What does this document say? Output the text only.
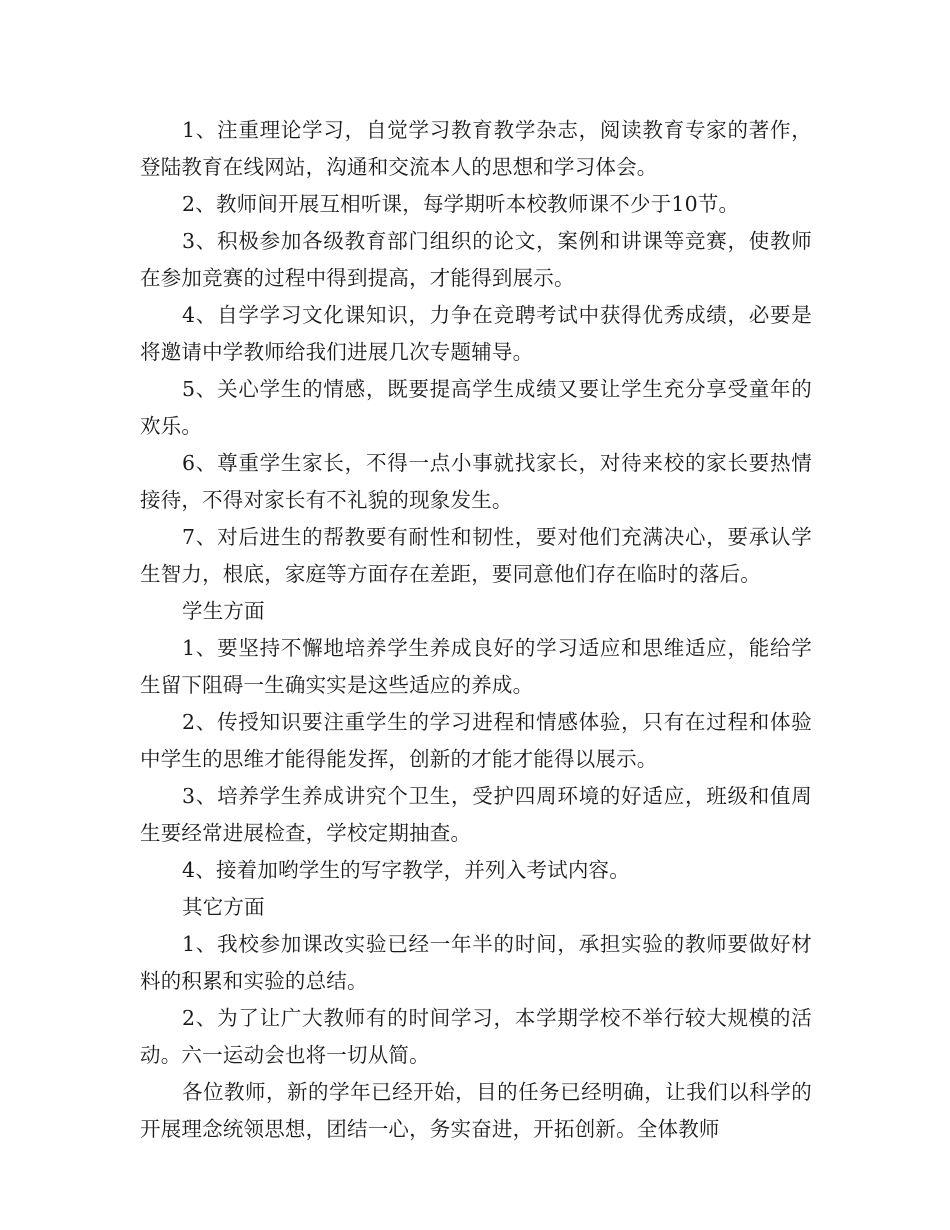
1、注重理论学习，自觉学习教育教学杂志，阅读教育专家的著作，登陆教育在线网站，沟通和交流本人的思想和学习体会。

2、教师间开展互相听课，每学期听本校教师课不少于10节。

3、积极参加各级教育部门组织的论文，案例和讲课等竞赛，使教师在参加竞赛的过程中得到提高，才能得到展示。

4、自学学习文化课知识，力争在竞聘考试中获得优秀成绩，必要是将邀请中学教师给我们进展几次专题辅导。

5、关心学生的情感，既要提高学生成绩又要让学生充分享受童年的欢乐。

6、尊重学生家长，不得一点小事就找家长，对待来校的家长要热情接待，不得对家长有不礼貌的现象发生。

7、对后进生的帮教要有耐性和韧性，要对他们充满决心，要承认学生智力，根底，家庭等方面存在差距，要同意他们存在临时的落后。

学生方面

1、要坚持不懈地培养学生养成良好的学习适应和思维适应，能给学生留下阻碍一生确实实是这些适应的养成。

2、传授知识要注重学生的学习进程和情感体验，只有在过程和体验中学生的思维才能得能发挥，创新的才能才能得以展示。

3、培养学生养成讲究个卫生，受护四周环境的好适应，班级和值周生要经常进展检查，学校定期抽查。

4、接着加哟学生的写字教学，并列入考试内容。

其它方面

1、我校参加课改实验已经一年半的时间，承担实验的教师要做好材料的积累和实验的总结。

2、为了让广大教师有的时间学习，本学期学校不举行较大规模的活动。六一运动会也将一切从简。

各位教师，新的学年已经开始，目的任务已经明确，让我们以科学的开展理念统领思想，团结一心，务实奋进，开拓创新。全体教师
